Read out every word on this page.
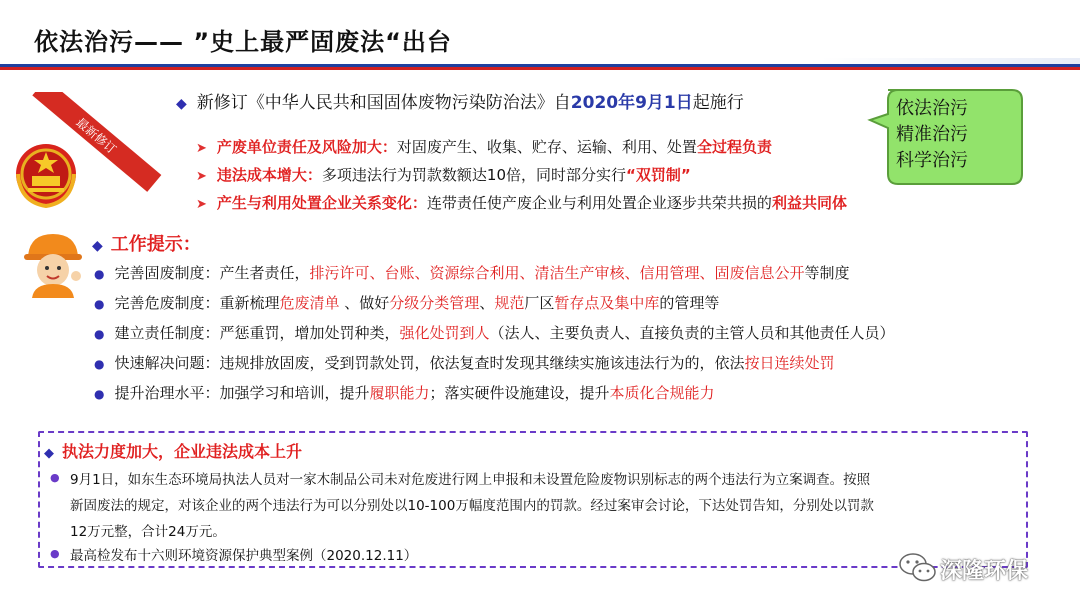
依法治污—— ”史上最严固废法“出台
最新修订
◆ 新修订《中华人民共和国固体废物污染防治法》自2020年9月1日起施行	依法治污
精准治污
科学治污
➤ 产废单位责任及风险加大：对固废产生、收集、贮存、运输、利用、处置全过程负责
➤ 违法成本增大：多项违法行为罚款数额达10倍，同时部分实行“双罚制”
➤ 产生与利用处置企业关系变化：连带责任使产废企业与利用处置企业逐步共荣共损的利益共同体
◆ 工作提示：
● 完善固废制度：产生者责任，排污许可、台账、资源综合利用、清洁生产审核、信用管理、固废信息公开等制度
● 完善危废制度：重新梳理危废清单 、做好分级分类管理、规范厂区暂存点及集中库的管理等
● 建立责任制度：严惩重罚，增加处罚种类，强化处罚到人（法人、主要负责人、直接负责的主管人员和其他责任人员）
● 快速解决问题：违规排放固废，受到罚款处罚，依法复查时发现其继续实施该违法行为的，依法按日连续处罚
● 提升治理水平：加强学习和培训，提升履职能力；落实硬件设施建设，提升本质化合规能力
◆ 执法力度加大，企业违法成本上升
● 9月1日，如东生态环境局执法人员对一家木制品公司未对危废进行网上申报和未设置危险废物识别标志的两个违法行为立案调查。按照
新固废法的规定，对该企业的两个违法行为可以分别处以10-100万幅度范围内的罚款。经过案审会讨论，下达处罚告知，分别处以罚款
12万元整，合计24万元。
● 最高检发布十六则环境资源保护典型案例（2020.12.11）
深隆环保
